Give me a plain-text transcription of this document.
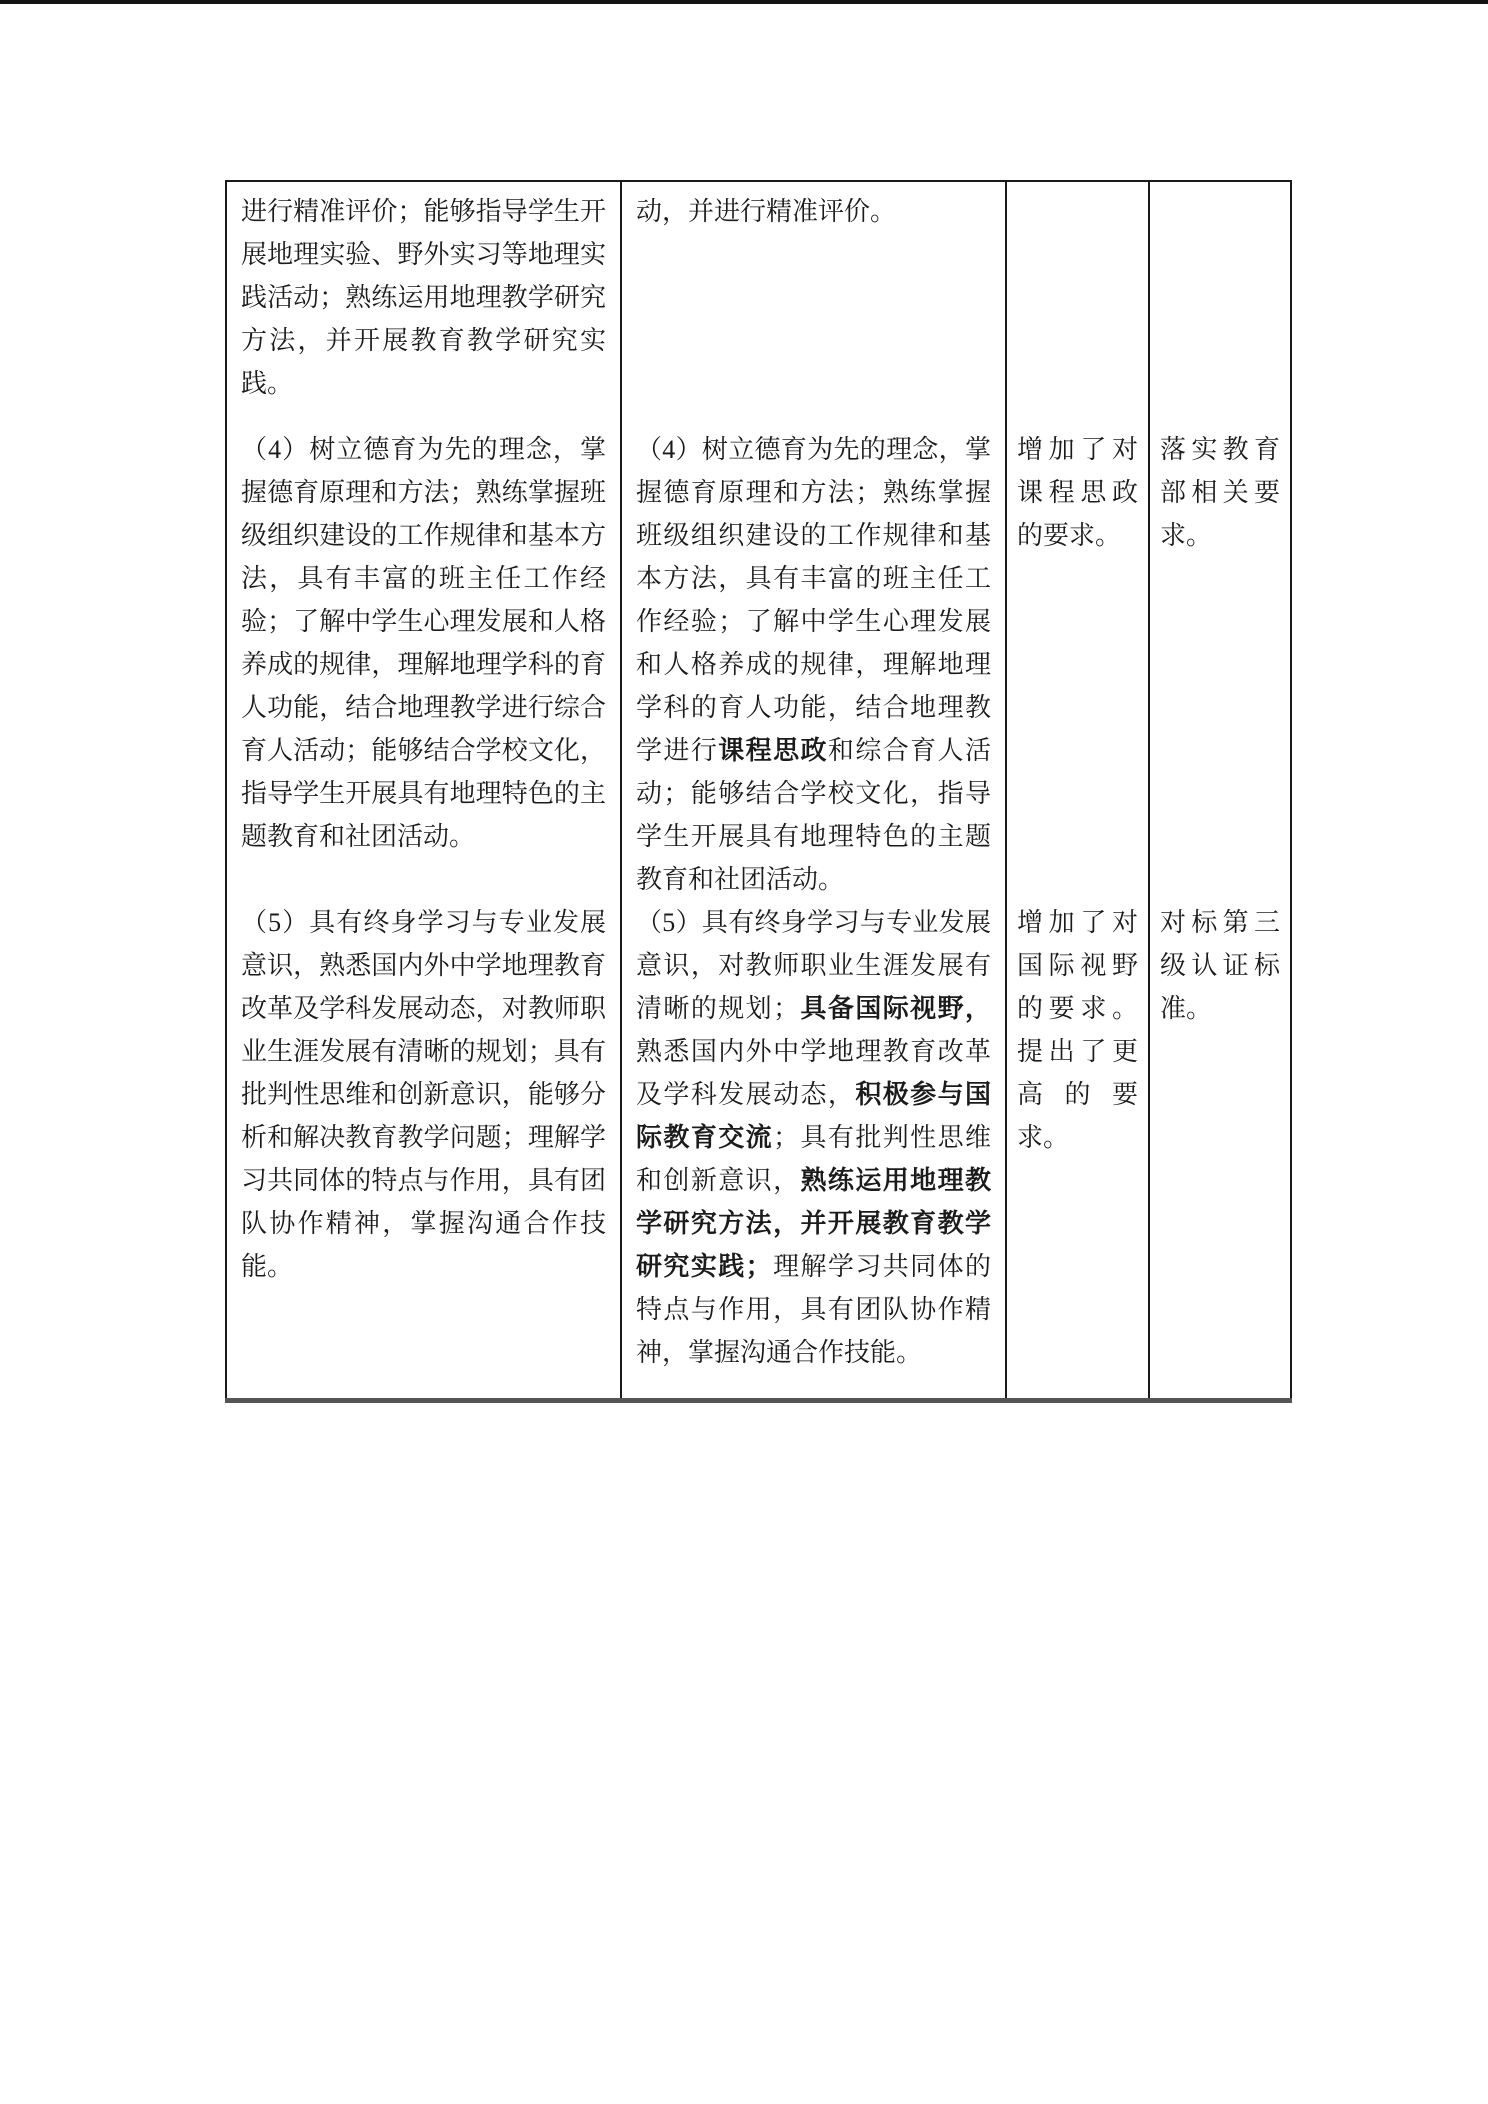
进行精准评价；能够指导学生开展地理实验、野外实习等地理实践活动；熟练运用地理教学研究方法，并开展教育教学研究实践。	动，并进行精准评价。		
（4）树立德育为先的理念，掌握德育原理和方法；熟练掌握班级组织建设的工作规律和基本方法，具有丰富的班主任工作经验；了解中学生心理发展和人格养成的规律，理解地理学科的育人功能，结合地理教学进行综合育人活动；能够结合学校文化，指导学生开展具有地理特色的主题教育和社团活动。	（4）树立德育为先的理念，掌握德育原理和方法；熟练掌握班级组织建设的工作规律和基本方法，具有丰富的班主任工作经验；了解中学生心理发展和人格养成的规律，理解地理学科的育人功能，结合地理教学进行课程思政和综合育人活动；能够结合学校文化，指导学生开展具有地理特色的主题教育和社团活动。	增加了对课程思政的要求。	落实教育部相关要求。
（5）具有终身学习与专业发展意识，熟悉国内外中学地理教育改革及学科发展动态，对教师职业生涯发展有清晰的规划；具有批判性思维和创新意识，能够分析和解决教育教学问题；理解学习共同体的特点与作用，具有团队协作精神，掌握沟通合作技能。	（5）具有终身学习与专业发展意识，对教师职业生涯发展有清晰的规划；具备国际视野，熟悉国内外中学地理教育改革及学科发展动态，积极参与国际教育交流；具有批判性思维和创新意识，熟练运用地理教学研究方法，并开展教育教学研究实践；理解学习共同体的特点与作用，具有团队协作精神，掌握沟通合作技能。	增加了对国际视野的要求。提出了更高的要求。	对标第三级认证标准。
